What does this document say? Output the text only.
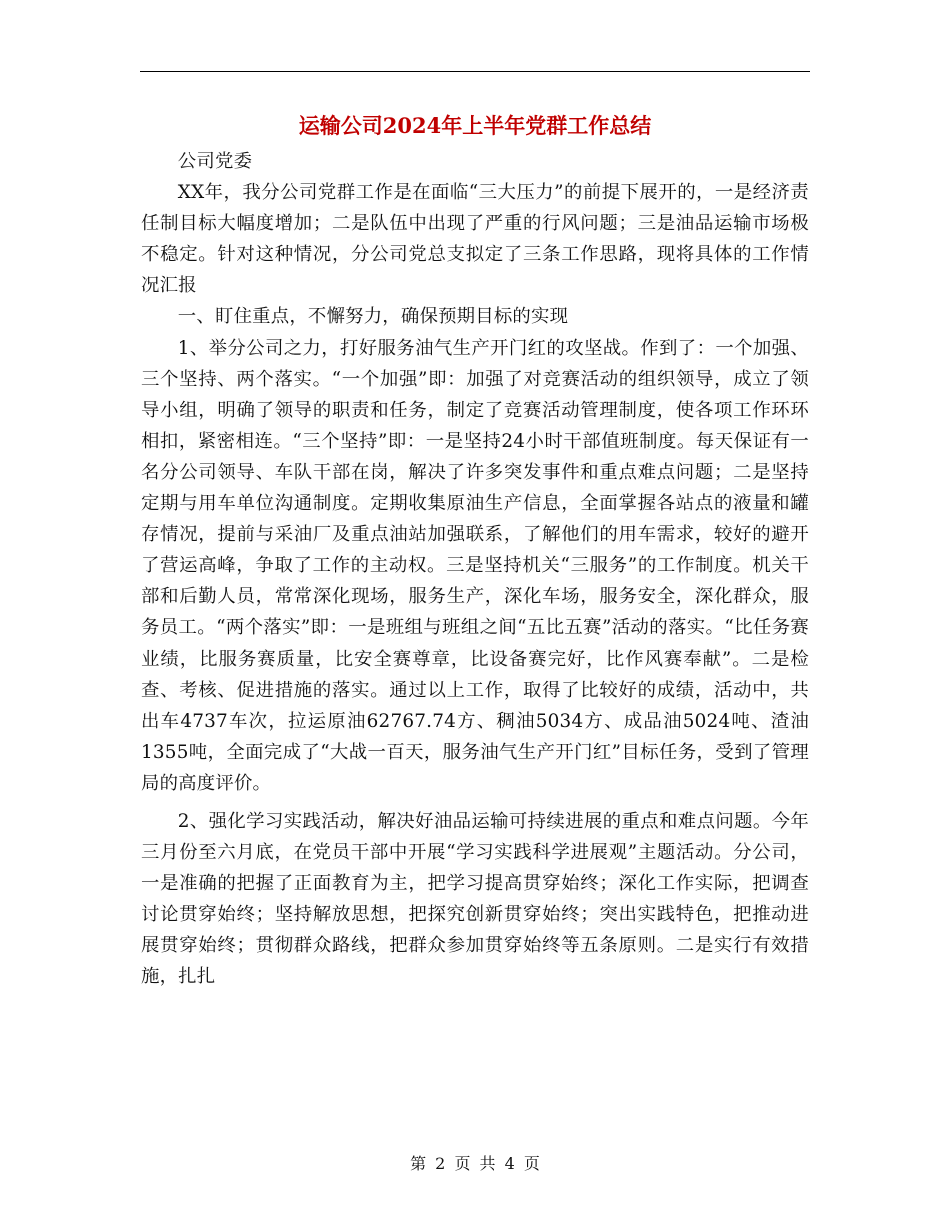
运输公司2024年上半年党群工作总结

公司党委

XX年，我分公司党群工作是在面临“三大压力”的前提下展开的，一是经济责任制目标大幅度增加；二是队伍中出现了严重的行风问题；三是油品运输市场极不稳定。针对这种情况，分公司党总支拟定了三条工作思路，现将具体的工作情况汇报

一、盯住重点，不懈努力，确保预期目标的实现

1、举分公司之力，打好服务油气生产开门红的攻坚战。作到了：一个加强、三个坚持、两个落实。“一个加强”即：加强了对竞赛活动的组织领导，成立了领导小组，明确了领导的职责和任务，制定了竞赛活动管理制度，使各项工作环环相扣，紧密相连。“三个坚持”即：一是坚持24小时干部值班制度。每天保证有一名分公司领导、车队干部在岗，解决了许多突发事件和重点难点问题；二是坚持定期与用车单位沟通制度。定期收集原油生产信息，全面掌握各站点的液量和罐存情况，提前与采油厂及重点油站加强联系，了解他们的用车需求，较好的避开了营运高峰，争取了工作的主动权。三是坚持机关“三服务”的工作制度。机关干部和后勤人员，常常深化现场，服务生产，深化车场，服务安全，深化群众，服务员工。“两个落实”即：一是班组与班组之间“五比五赛”活动的落实。“比任务赛业绩，比服务赛质量，比安全赛尊章，比设备赛完好，比作风赛奉献”。二是检查、考核、促进措施的落实。通过以上工作，取得了比较好的成绩，活动中，共出车4737车次，拉运原油62767.74方、稠油5034方、成品油5024吨、渣油1355吨，全面完成了“大战一百天，服务油气生产开门红”目标任务，受到了管理局的高度评价。

2、强化学习实践活动，解决好油品运输可持续进展的重点和难点问题。今年三月份至六月底，在党员干部中开展“学习实践科学进展观”主题活动。分公司，一是准确的把握了正面教育为主，把学习提高贯穿始终；深化工作实际，把调查讨论贯穿始终；坚持解放思想，把探究创新贯穿始终；突出实践特色，把推动进展贯穿始终；贯彻群众路线，把群众参加贯穿始终等五条原则。二是实行有效措施，扎扎

第 2 页 共 4 页
